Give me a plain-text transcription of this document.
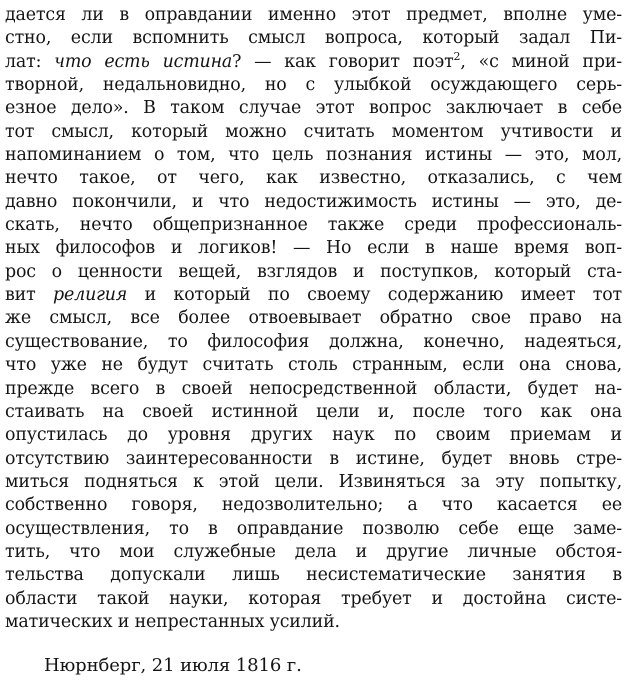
дается ли в оправдании именно этот предмет, вполне уме-
стно, если вспомнить смысл вопроса, который задал Пи-
лат: что есть истина? — как говорит поэт$^2$, «с миной при-
творной, недальновидно, но с улыбкой осуждающего серь-
езное дело». В таком случае этот вопрос заключает в себе
тот смысл, который можно считать моментом учтивости и
напоминанием о том, что цель познания истины — это, мол,
нечто такое, от чего, как известно, отказались, с чем
давно покончили, и что недостижимость истины — это, де-
скать, нечто общепризнанное также среди профессиональ-
ных философов и логиков! — Но если в наше время воп-
рос о ценности вещей, взглядов и поступков, который ста-
вит религия и который по своему содержанию имеет тот
же смысл, все более отвоевывает обратно свое право на
существование, то философия должна, конечно, надеяться,
что уже не будут считать столь странным, если она снова,
прежде всего в своей непосредственной области, будет на-
стаивать на своей истинной цели и, после того как она
опустилась до уровня других наук по своим приемам и
отсутствию заинтересованности в истине, будет вновь стре-
миться подняться к этой цели. Извиняться за эту попытку,
собственно говоря, недозволительно; а что касается ее
осуществления, то в оправдание позволю себе еще заме-
тить, что мои служебные дела и другие личные обстоя-
тельства допускали лишь несистематические занятия в
области такой науки, которая требует и достойна систе-
матических и непрестанных усилий.

Нюрнберг, 21 июля 1816 г.
